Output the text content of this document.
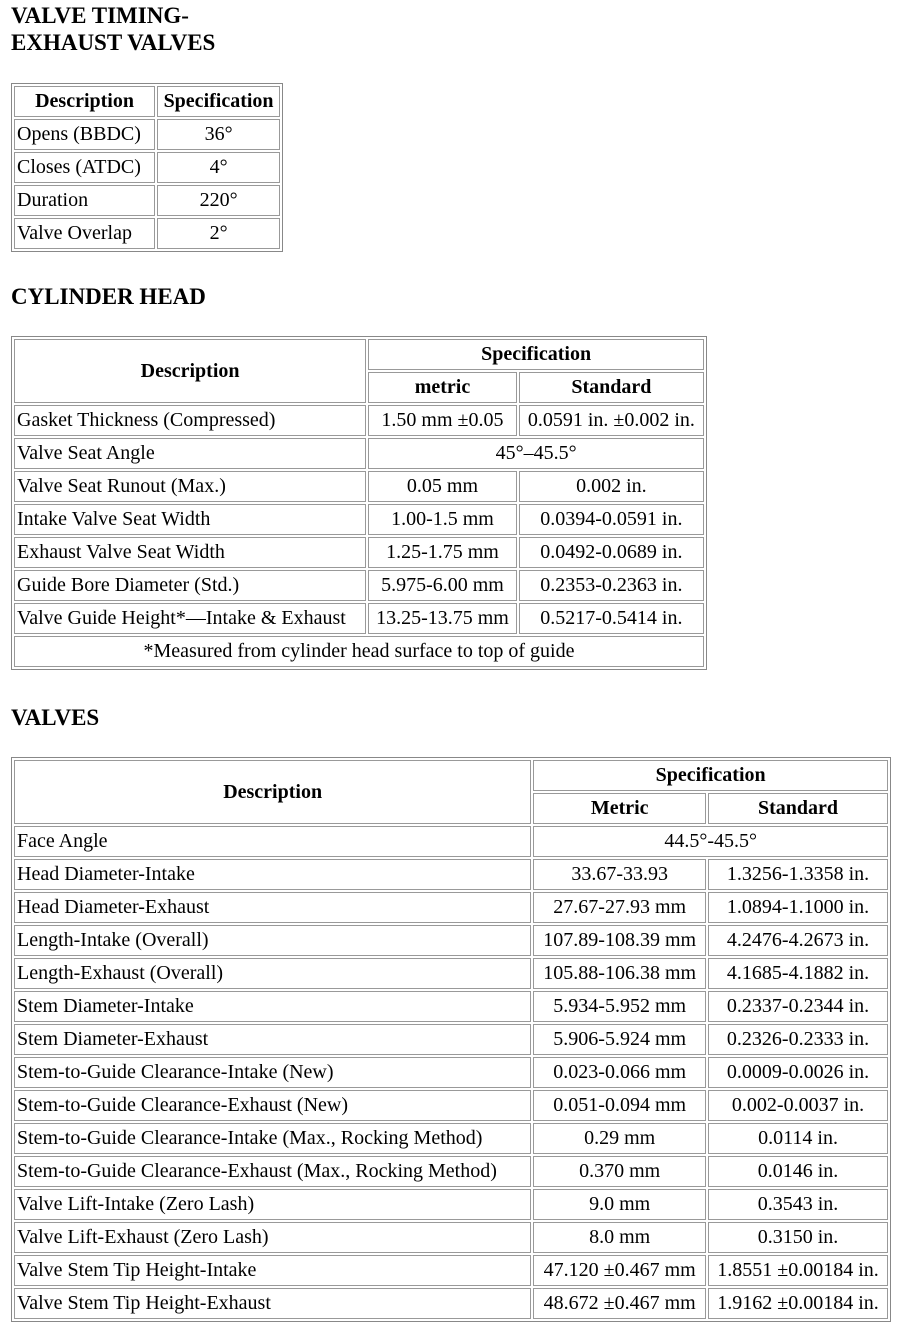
VALVE TIMING-
EXHAUST VALVES
Description	Specification
Opens (BBDC)	36°
Closes (ATDC)	4°
Duration	220°
Valve Overlap	2°
CYLINDER HEAD
Description	Specification	
	metric	Standard
Gasket Thickness (Compressed)	1.50 mm ±0.05	0.0591 in. ±0.002 in.
Valve Seat Angle	45°–45.5°	
Valve Seat Runout (Max.)	0.05 mm	0.002 in.
Intake Valve Seat Width	1.00-1.5 mm	0.0394-0.0591 in.
Exhaust Valve Seat Width	1.25-1.75 mm	0.0492-0.0689 in.
Guide Bore Diameter (Std.)	5.975-6.00 mm	0.2353-0.2363 in.
Valve Guide Height*—Intake & Exhaust	13.25-13.75 mm	0.5217-0.5414 in.
*Measured from cylinder head surface to top of guide		
VALVES
Description	Specification	
	Metric	Standard
Face Angle	44.5°-45.5°	
Head Diameter-Intake	33.67-33.93	1.3256-1.3358 in.
Head Diameter-Exhaust	27.67-27.93 mm	1.0894-1.1000 in.
Length-Intake (Overall)	107.89-108.39 mm	4.2476-4.2673 in.
Length-Exhaust (Overall)	105.88-106.38 mm	4.1685-4.1882 in.
Stem Diameter-Intake	5.934-5.952 mm	0.2337-0.2344 in.
Stem Diameter-Exhaust	5.906-5.924 mm	0.2326-0.2333 in.
Stem-to-Guide Clearance-Intake (New)	0.023-0.066 mm	0.0009-0.0026 in.
Stem-to-Guide Clearance-Exhaust (New)	0.051-0.094 mm	0.002-0.0037 in.
Stem-to-Guide Clearance-Intake (Max., Rocking Method)	0.29 mm	0.0114 in.
Stem-to-Guide Clearance-Exhaust (Max., Rocking Method)	0.370 mm	0.0146 in.
Valve Lift-Intake (Zero Lash)	9.0 mm	0.3543 in.
Valve Lift-Exhaust (Zero Lash)	8.0 mm	0.3150 in.
Valve Stem Tip Height-Intake	47.120 ±0.467 mm	1.8551 ±0.00184 in.
Valve Stem Tip Height-Exhaust	48.672 ±0.467 mm	1.9162 ±0.00184 in.
